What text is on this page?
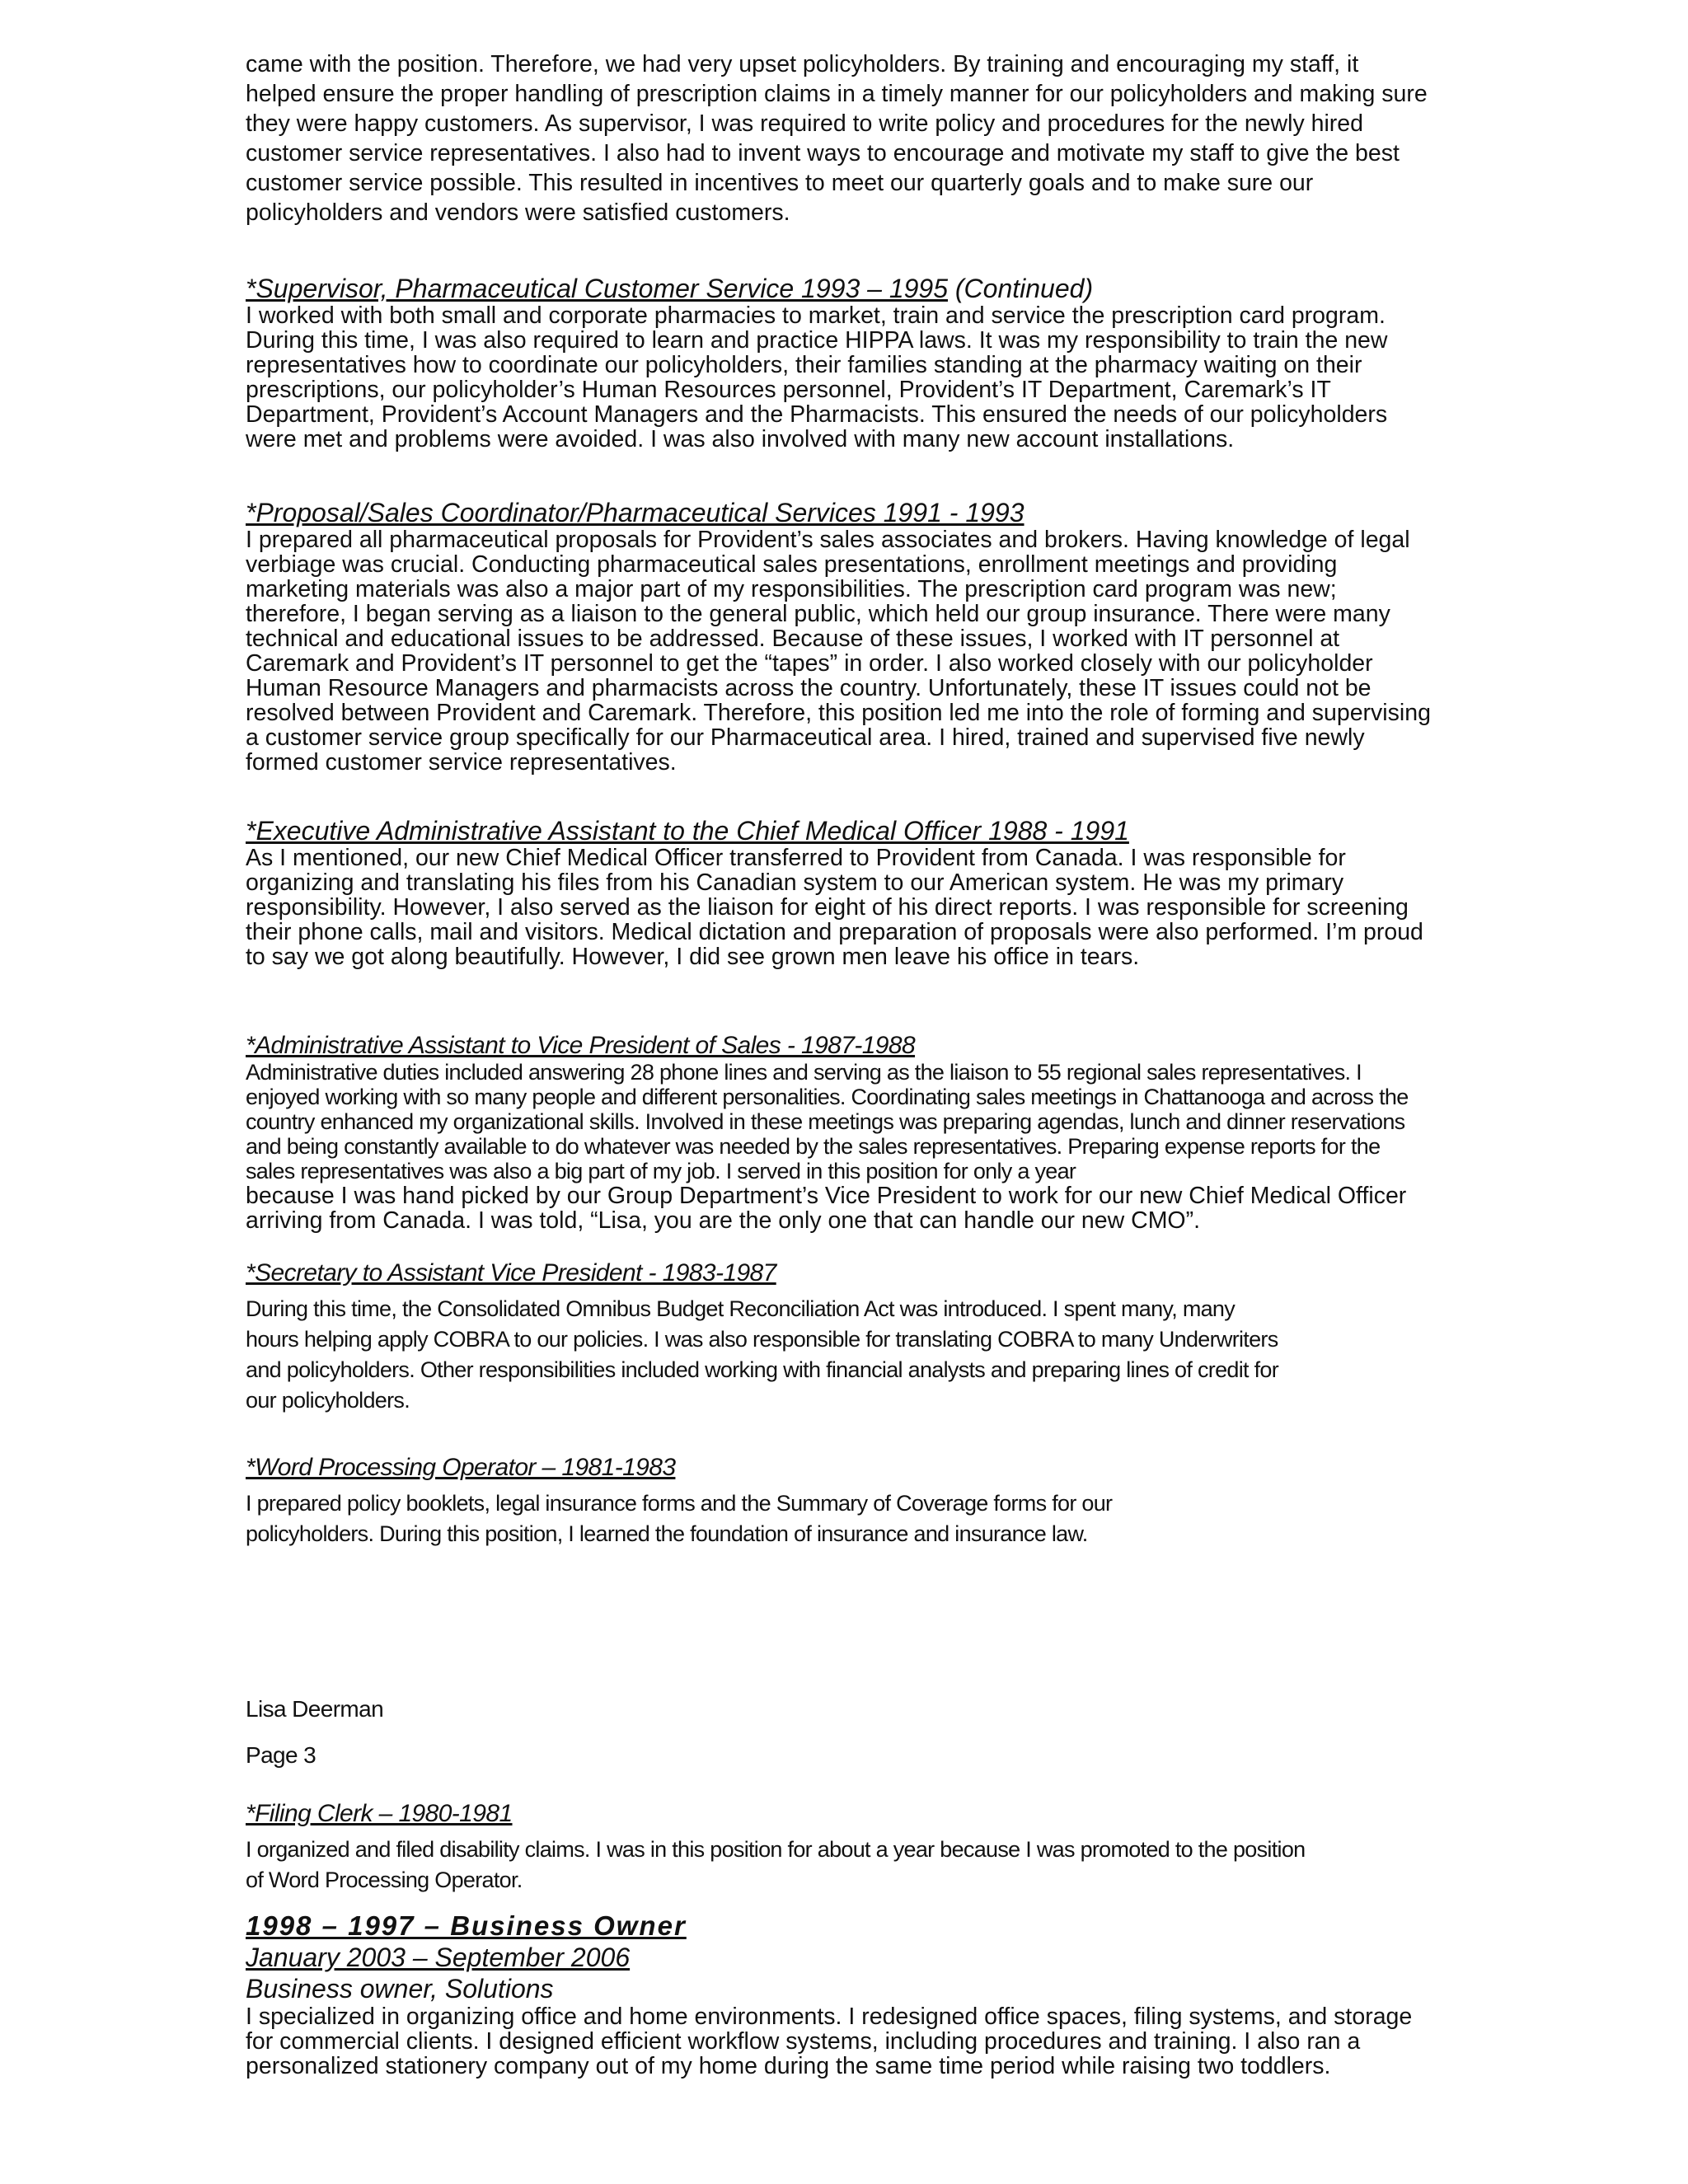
came with the position. Therefore, we had very upset policyholders. By training and encouraging my staff, it helped ensure the proper handling of prescription claims in a timely manner for our policyholders and making sure they were happy customers. As supervisor, I was required to write policy and procedures for the newly hired customer service representatives. I also had to invent ways to encourage and motivate my staff to give the best customer service possible. This resulted in incentives to meet our quarterly goals and to make sure our policyholders and vendors were satisfied customers.

*Supervisor, Pharmaceutical Customer Service 1993 – 1995 (Continued)

I worked with both small and corporate pharmacies to market, train and service the prescription card program. During this time, I was also required to learn and practice HIPPA laws. It was my responsibility to train the new representatives how to coordinate our policyholders, their families standing at the pharmacy waiting on their prescriptions, our policyholder’s Human Resources personnel, Provident’s IT Department, Caremark’s IT Department, Provident’s Account Managers and the Pharmacists. This ensured the needs of our policyholders were met and problems were avoided. I was also involved with many new account installations.

*Proposal/Sales Coordinator/Pharmaceutical Services 1991 - 1993

I prepared all pharmaceutical proposals for Provident’s sales associates and brokers. Having knowledge of legal verbiage was crucial. Conducting pharmaceutical sales presentations, enrollment meetings and providing marketing materials was also a major part of my responsibilities. The prescription card program was new; therefore, I began serving as a liaison to the general public, which held our group insurance. There were many technical and educational issues to be addressed. Because of these issues, I worked with IT personnel at Caremark and Provident’s IT personnel to get the “tapes” in order. I also worked closely with our policyholder Human Resource Managers and pharmacists across the country. Unfortunately, these IT issues could not be resolved between Provident and Caremark. Therefore, this position led me into the role of forming and supervising a customer service group specifically for our Pharmaceutical area. I hired, trained and supervised five newly formed customer service representatives.

*Executive Administrative Assistant to the Chief Medical Officer 1988 - 1991

As I mentioned, our new Chief Medical Officer transferred to Provident from Canada. I was responsible for organizing and translating his files from his Canadian system to our American system. He was my primary responsibility. However, I also served as the liaison for eight of his direct reports. I was responsible for screening their phone calls, mail and visitors. Medical dictation and preparation of proposals were also performed. I’m proud to say we got along beautifully. However, I did see grown men leave his office in tears.

*Administrative Assistant to Vice President of Sales - 1987-1988

Administrative duties included answering 28 phone lines and serving as the liaison to 55 regional sales representatives. I enjoyed working with so many people and different personalities. Coordinating sales meetings in Chattanooga and across the country enhanced my organizational skills. Involved in these meetings was preparing agendas, lunch and dinner reservations and being constantly available to do whatever was needed by the sales representatives. Preparing expense reports for the sales representatives was also a big part of my job. I served in this position for only a year

because I was hand picked by our Group Department’s Vice President to work for our new Chief Medical Officer arriving from Canada. I was told, “Lisa, you are the only one that can handle our new CMO”.

*Secretary to Assistant Vice President - 1983-1987

During this time, the Consolidated Omnibus Budget Reconciliation Act was introduced. I spent many, many hours helping apply COBRA to our policies. I was also responsible for translating COBRA to many Underwriters and policyholders. Other responsibilities included working with financial analysts and preparing lines of credit for our policyholders.

*Word Processing Operator – 1981-1983

I prepared policy booklets, legal insurance forms and the Summary of Coverage forms for our policyholders. During this position, I learned the foundation of insurance and insurance law.

Lisa Deerman

Page 3

*Filing Clerk – 1980-1981

I organized and filed disability claims. I was in this position for about a year because I was promoted to the position of Word Processing Operator.

1998 – 1997 – Business Owner

January 2003 – September 2006

Business owner, Solutions

I specialized in organizing office and home environments. I redesigned office spaces, filing systems, and storage for commercial clients. I designed efficient workflow systems, including procedures and training. I also ran a personalized stationery company out of my home during the same time period while raising two toddlers.
